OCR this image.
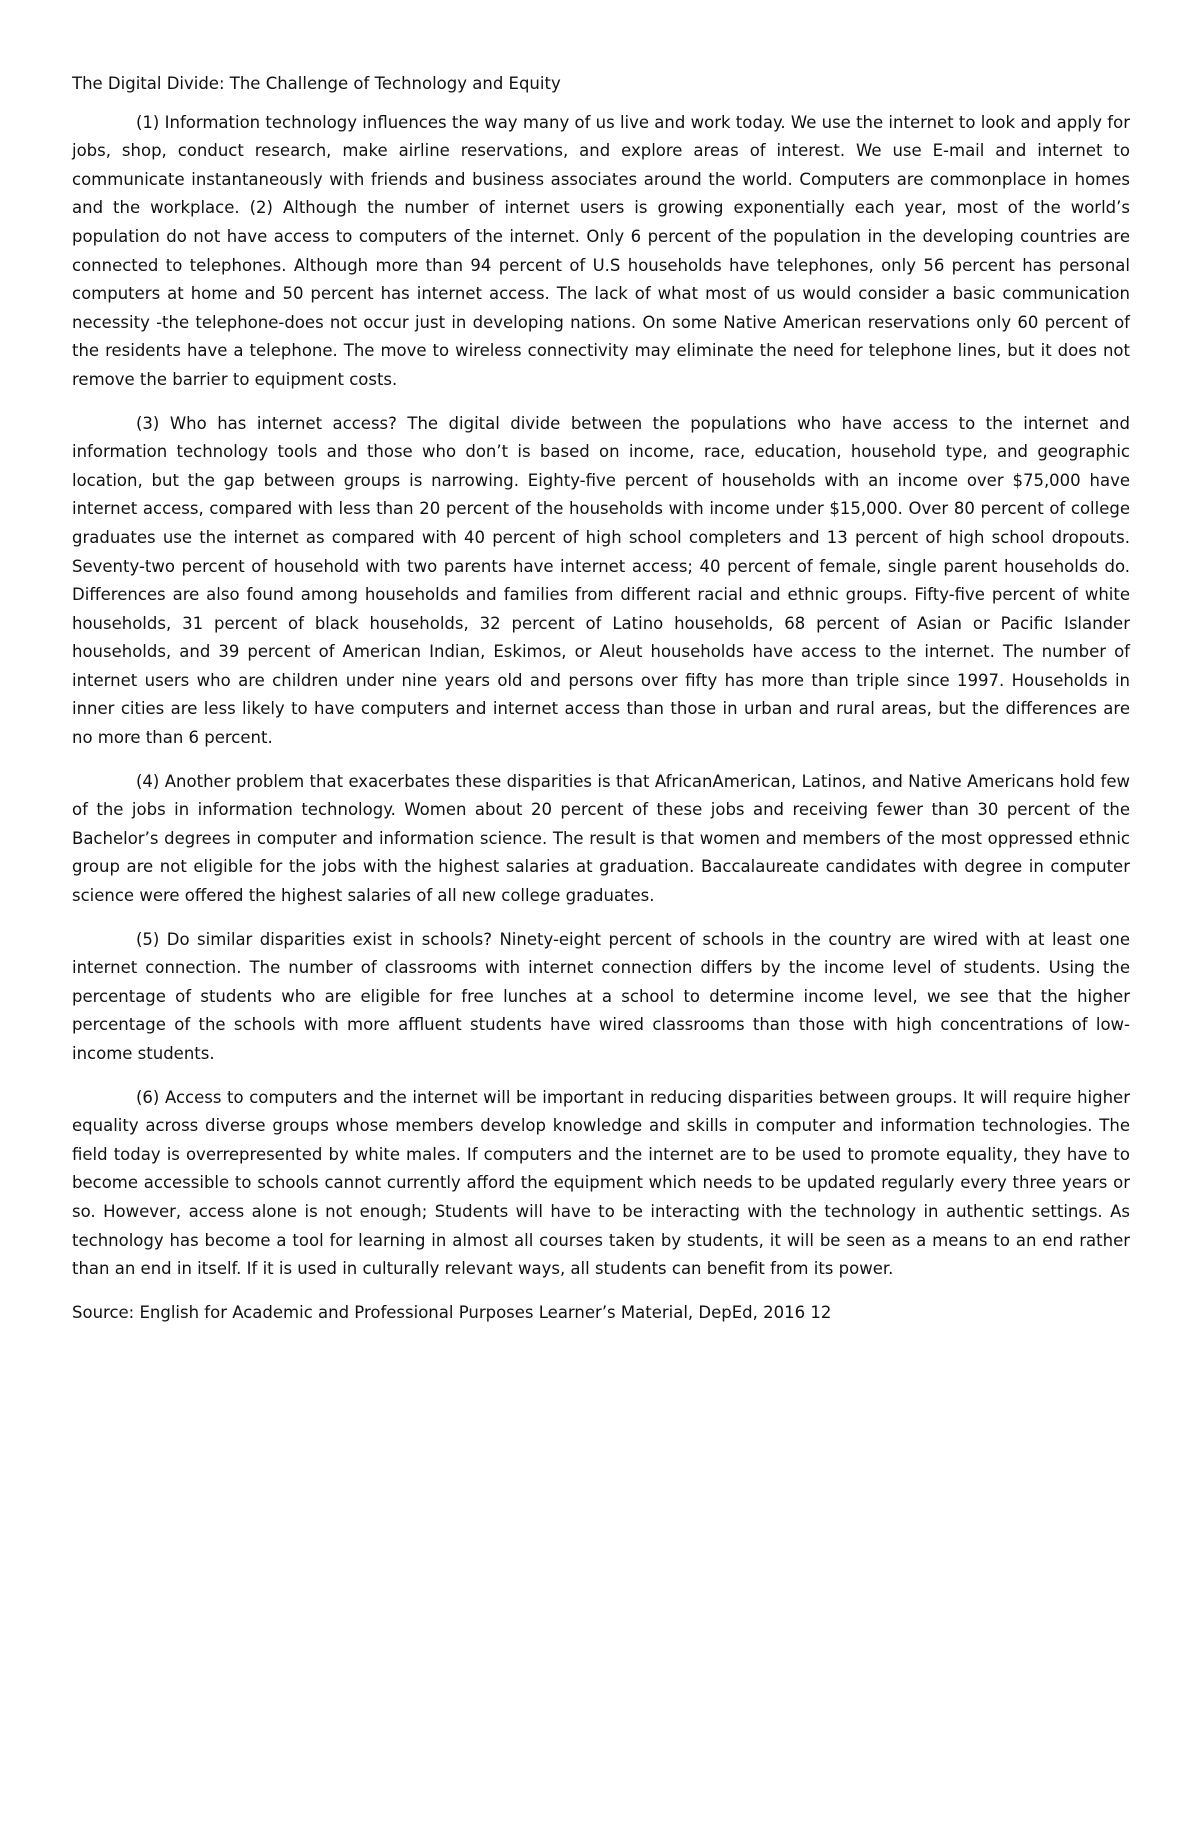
The Digital Divide: The Challenge of Technology and Equity

(1) Information technology influences the way many of us live and work today. We use the internet to look and apply for jobs, shop, conduct research, make airline reservations, and explore areas of interest. We use E-mail and internet to communicate instantaneously with friends and business associates around the world. Computers are commonplace in homes and the workplace. (2) Although the number of internet users is growing exponentially each year, most of the world’s population do not have access to computers of the internet. Only 6 percent of the population in the developing countries are connected to telephones. Although more than 94 percent of U.S households have telephones, only 56 percent has personal computers at home and 50 percent has internet access. The lack of what most of us would consider a basic communication necessity -the telephone-does not occur just in developing nations. On some Native American reservations only 60 percent of the residents have a telephone. The move to wireless connectivity may eliminate the need for telephone lines, but it does not remove the barrier to equipment costs.

(3) Who has internet access? The digital divide between the populations who have access to the internet and information technology tools and those who don’t is based on income, race, education, household type, and geographic location, but the gap between groups is narrowing. Eighty-five percent of households with an income over $75,000 have internet access, compared with less than 20 percent of the households with income under $15,000. Over 80 percent of college graduates use the internet as compared with 40 percent of high school completers and 13 percent of high school dropouts. Seventy-two percent of household with two parents have internet access; 40 percent of female, single parent households do. Differences are also found among households and families from different racial and ethnic groups. Fifty-five percent of white households, 31 percent of black households, 32 percent of Latino households, 68 percent of Asian or Pacific Islander households, and 39 percent of American Indian, Eskimos, or Aleut households have access to the internet. The number of internet users who are children under nine years old and persons over fifty has more than triple since 1997. Households in inner cities are less likely to have computers and internet access than those in urban and rural areas, but the differences are no more than 6 percent.

(4) Another problem that exacerbates these disparities is that AfricanAmerican, Latinos, and Native Americans hold few of the jobs in information technology. Women about 20 percent of these jobs and receiving fewer than 30 percent of the Bachelor’s degrees in computer and information science. The result is that women and members of the most oppressed ethnic group are not eligible for the jobs with the highest salaries at graduation. Baccalaureate candidates with degree in computer science were offered the highest salaries of all new college graduates.

(5) Do similar disparities exist in schools? Ninety-eight percent of schools in the country are wired with at least one internet connection. The number of classrooms with internet connection differs by the income level of students. Using the percentage of students who are eligible for free lunches at a school to determine income level, we see that the higher percentage of the schools with more affluent students have wired classrooms than those with high concentrations of low-income students.

(6) Access to computers and the internet will be important in reducing disparities between groups. It will require higher equality across diverse groups whose members develop knowledge and skills in computer and information technologies. The field today is overrepresented by white males. If computers and the internet are to be used to promote equality, they have to become accessible to schools cannot currently afford the equipment which needs to be updated regularly every three years or so. However, access alone is not enough; Students will have to be interacting with the technology in authentic settings. As technology has become a tool for learning in almost all courses taken by students, it will be seen as a means to an end rather than an end in itself. If it is used in culturally relevant ways, all students can benefit from its power.

Source: English for Academic and Professional Purposes Learner’s Material, DepEd, 2016 12
